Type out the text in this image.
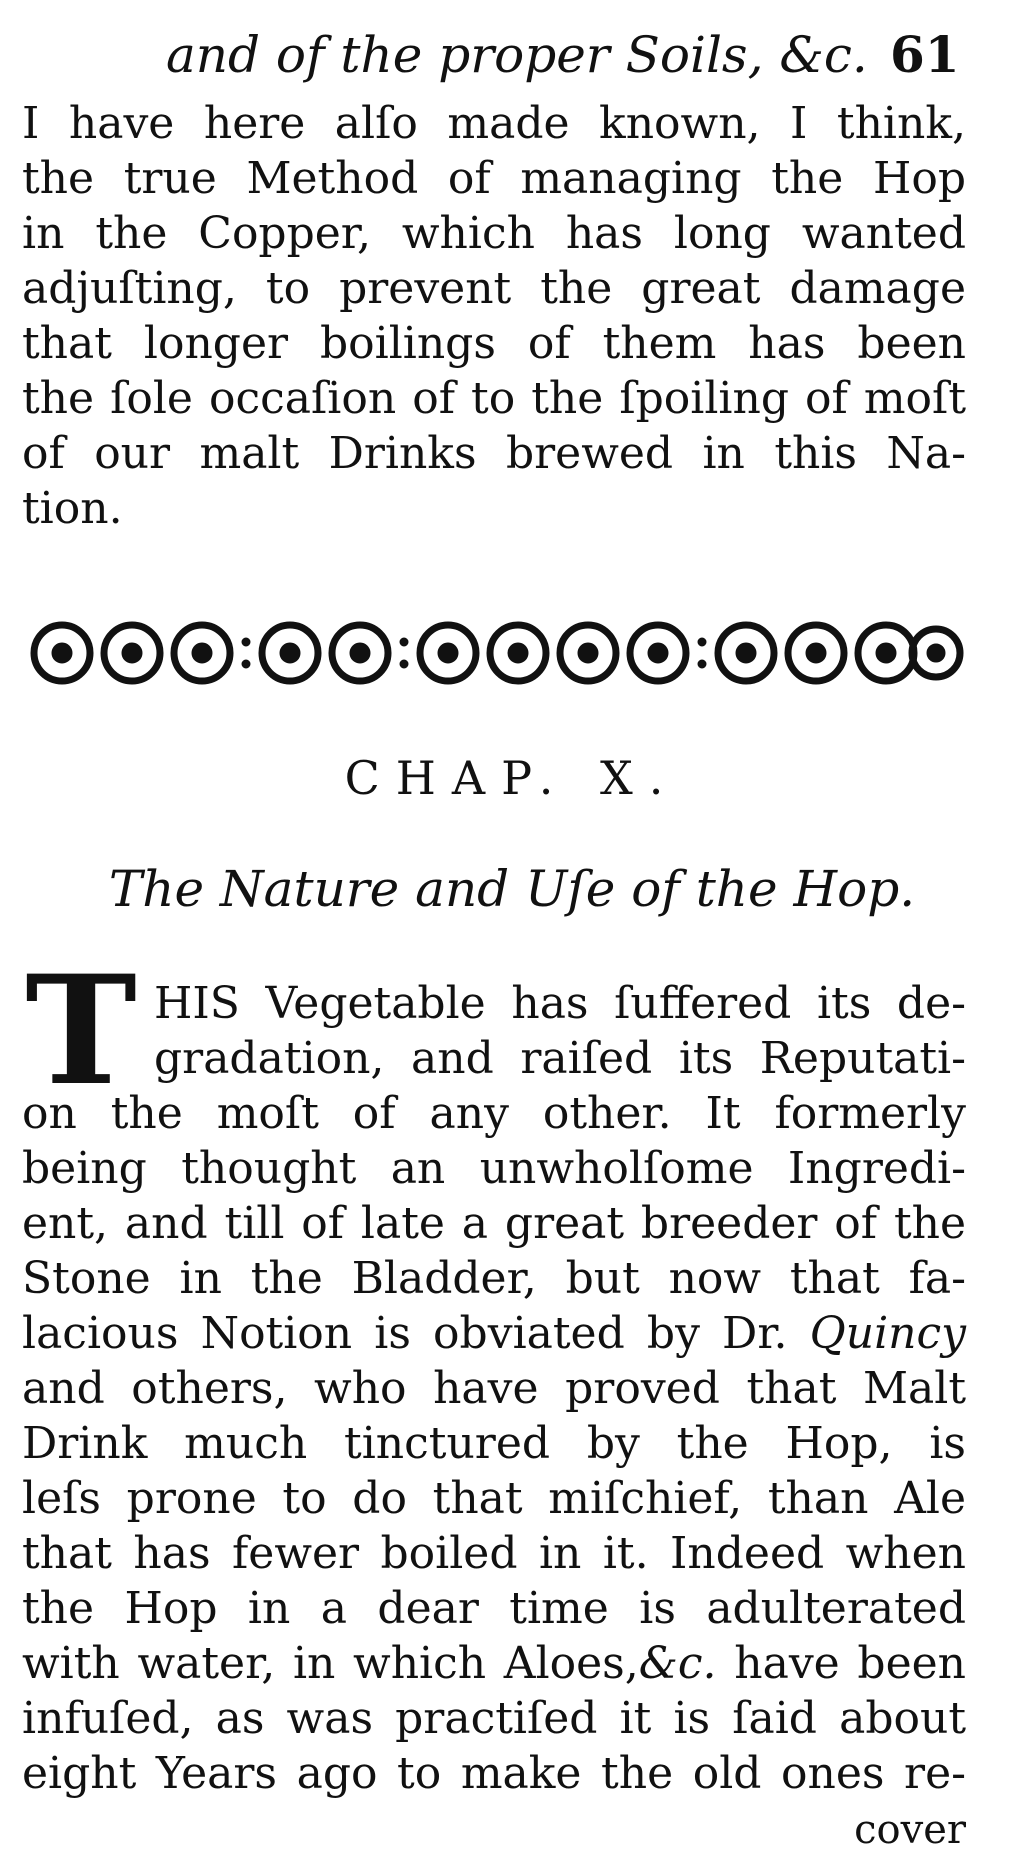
and of the proper Soils, &c. 61
I have here alſo made known, I think,
the true Method of managing the Hop
in the Copper, which has long wanted
adjuſting, to prevent the great damage
that longer boilings of them has been
the ſole occaſion of to the ſpoiling of moſt
of our malt Drinks brewed in this Na-
tion.
CHAP. X.
The Nature and Uſe of the Hop.
T HIS Vegetable has ſuffered its de-
gradation, and raiſed its Reputati-
on the moſt of any other. It formerly
being thought an unwholſome Ingredi-
ent, and till of late a great breeder of the
Stone in the Bladder, but now that fa-
lacious Notion is obviated by Dr. Quincy
and others, who have proved that Malt
Drink much tinctured by the Hop, is
leſs prone to do that miſchief, than Ale
that has fewer boiled in it. Indeed when
the Hop in a dear time is adulterated
with water, in which Aloes,&c. have been
infuſed, as was practiſed it is ſaid about
eight Years ago to make the old ones re-
cover
